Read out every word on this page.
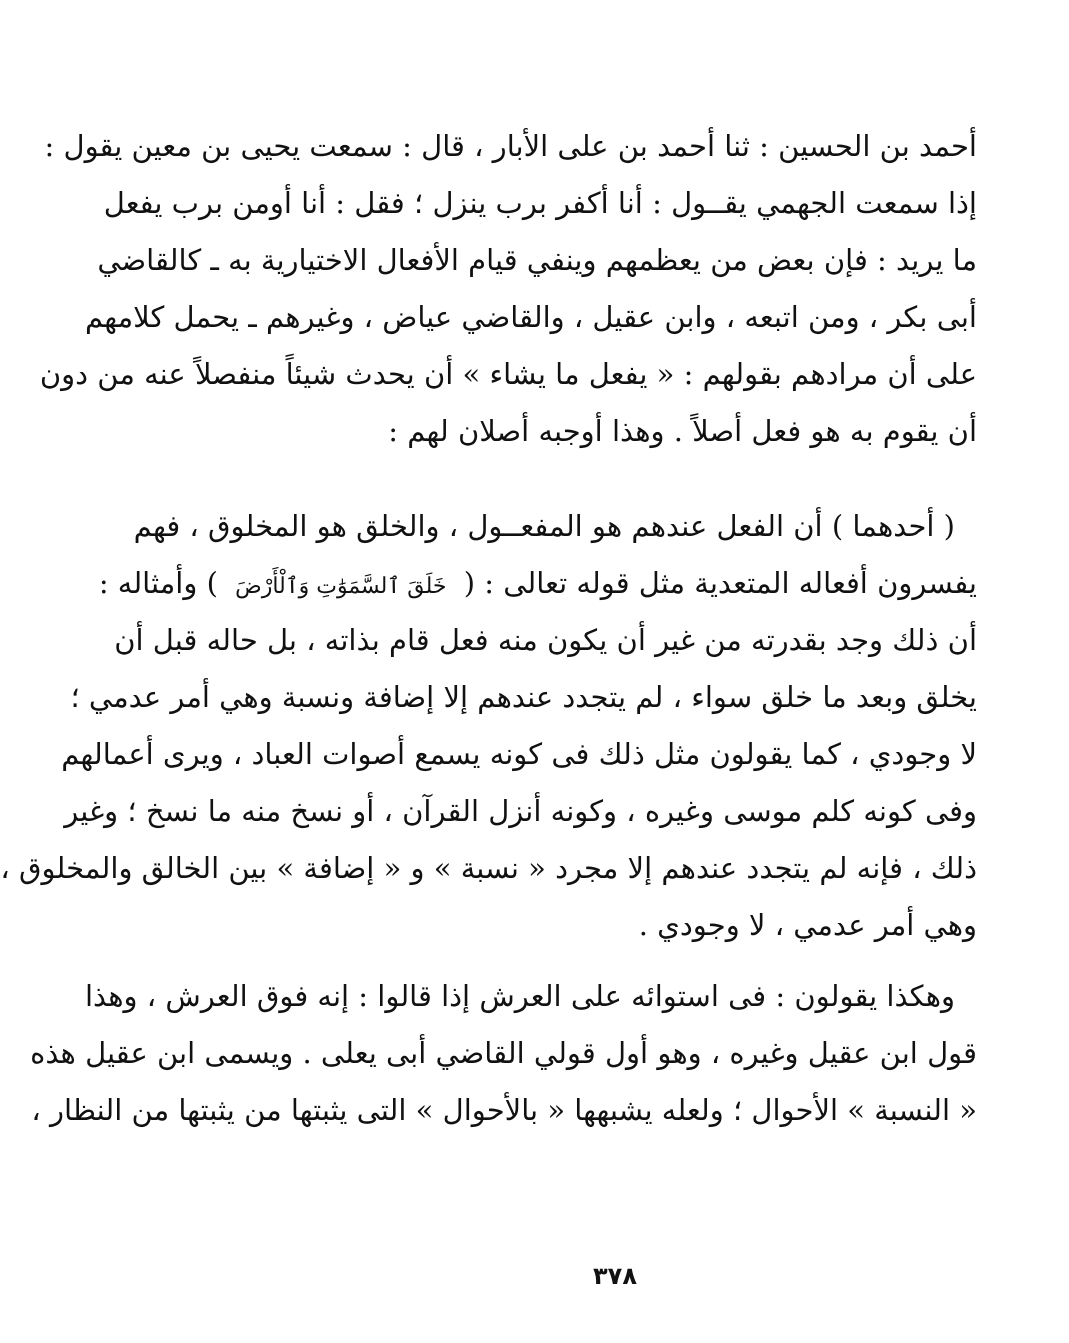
أحمد بن الحسين : ثنا أحمد بن على الأبار ، قال : سمعت يحيى بن معين يقول :
إذا سمعت الجهمي يقــول : أنا أكفر برب ينزل ؛ فقل : أنا أومن برب يفعل
ما يريد : فإن بعض من يعظمهم وينفي قيام الأفعال الاختيارية به ـ كالقاضي
أبى بكر ، ومن اتبعه ، وابن عقيل ، والقاضي عياض ، وغيرهم ـ يحمل كلامهم
على أن مرادهم بقولهم : « يفعل ما يشاء » أن يحدث شيئاً منفصلاً عنه من دون
أن يقوم به هو فعل أصلاً . وهذا أوجبه أصلان لهم :
( أحدهما ) أن الفعل عندهم هو المفعــول ، والخلق هو المخلوق ، فهم
يفسرون أفعاله المتعدية مثل قوله تعالى : ( خَلَقَ ٱلسَّمَوَٰتِ وَٱلْأَرْضَ ) وأمثاله :
أن ذلك وجد بقدرته من غير أن يكون منه فعل قام بذاته ، بل حاله قبل أن
يخلق وبعد ما خلق سواء ، لم يتجدد عندهم إلا إضافة ونسبة وهي أمر عدمي ؛
لا وجودي ، كما يقولون مثل ذلك فى كونه يسمع أصوات العباد ، ويرى أعمالهم
وفى كونه كلم موسى وغيره ، وكونه أنزل القرآن ، أو نسخ منه ما نسخ ؛ وغير
ذلك ، فإنه لم يتجدد عندهم إلا مجرد « نسبة » و « إضافة » بين الخالق والمخلوق ،
وهي أمر عدمي ، لا وجودي .
وهكذا يقولون : فى استوائه على العرش إذا قالوا : إنه فوق العرش ، وهذا
قول ابن عقيل وغيره ، وهو أول قولي القاضي أبى يعلى . ويسمى ابن عقيل هذه
« النسبة » الأحوال ؛ ولعله يشبهها « بالأحوال » التى يثبتها من يثبتها من النظار ،
٣٧٨
